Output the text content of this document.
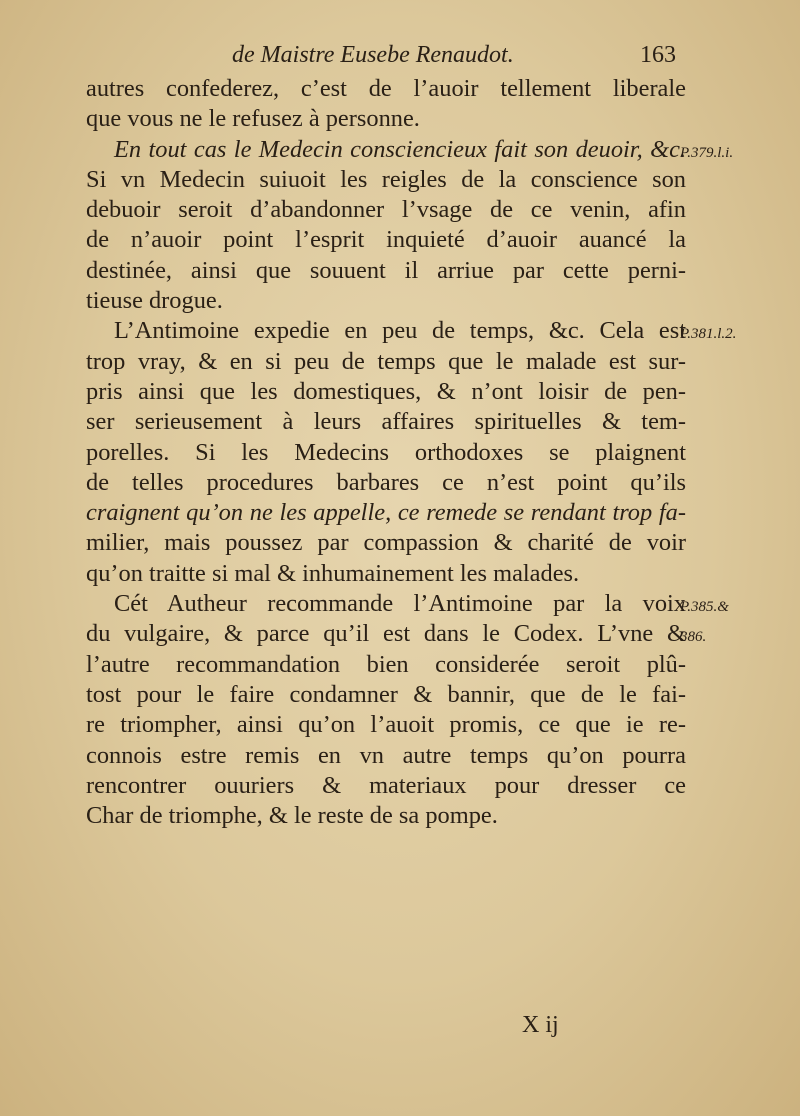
de Maistre Eusebe Renaudot.	163
autres confederez, c’est de l’auoir tellement liberale
que vous ne le refusez à personne.
En tout cas le Medecin consciencieux fait son deuoir, &c.
Si vn Medecin suiuoit les reigles de la conscience son
debuoir seroit d’abandonner l’vsage de ce venin, afin
de n’auoir point l’esprit inquieté d’auoir auancé la
destinée, ainsi que souuent il arriue par cette perni-
tieuse drogue.
L’Antimoine expedie en peu de temps, &c. Cela est
trop vray, & en si peu de temps que le malade est sur-
pris ainsi que les domestiques, & n’ont loisir de pen-
ser serieusement à leurs affaires spirituelles & tem-
porelles. Si les Medecins orthodoxes se plaignent
de telles procedures barbares ce n’est point qu’ils
craignent qu’on ne les appelle, ce remede se rendant trop fa-
milier, mais poussez par compassion & charité de voir
qu’on traitte si mal & inhumainement les malades.
Cét Autheur recommande l’Antimoine par la voix
du vulgaire, & parce qu’il est dans le Codex. L’vne &
l’autre recommandation bien considerée seroit plû-
tost pour le faire condamner & bannir, que de le fai-
re triompher, ainsi qu’on l’auoit promis, ce que ie re-
connois estre remis en vn autre temps qu’on pourra
rencontrer ouuriers & materiaux pour dresser ce
Char de triomphe, & le reste de sa pompe.
P.379.l.i.
P.381.l.2.
P.385.&
386.
X ij
